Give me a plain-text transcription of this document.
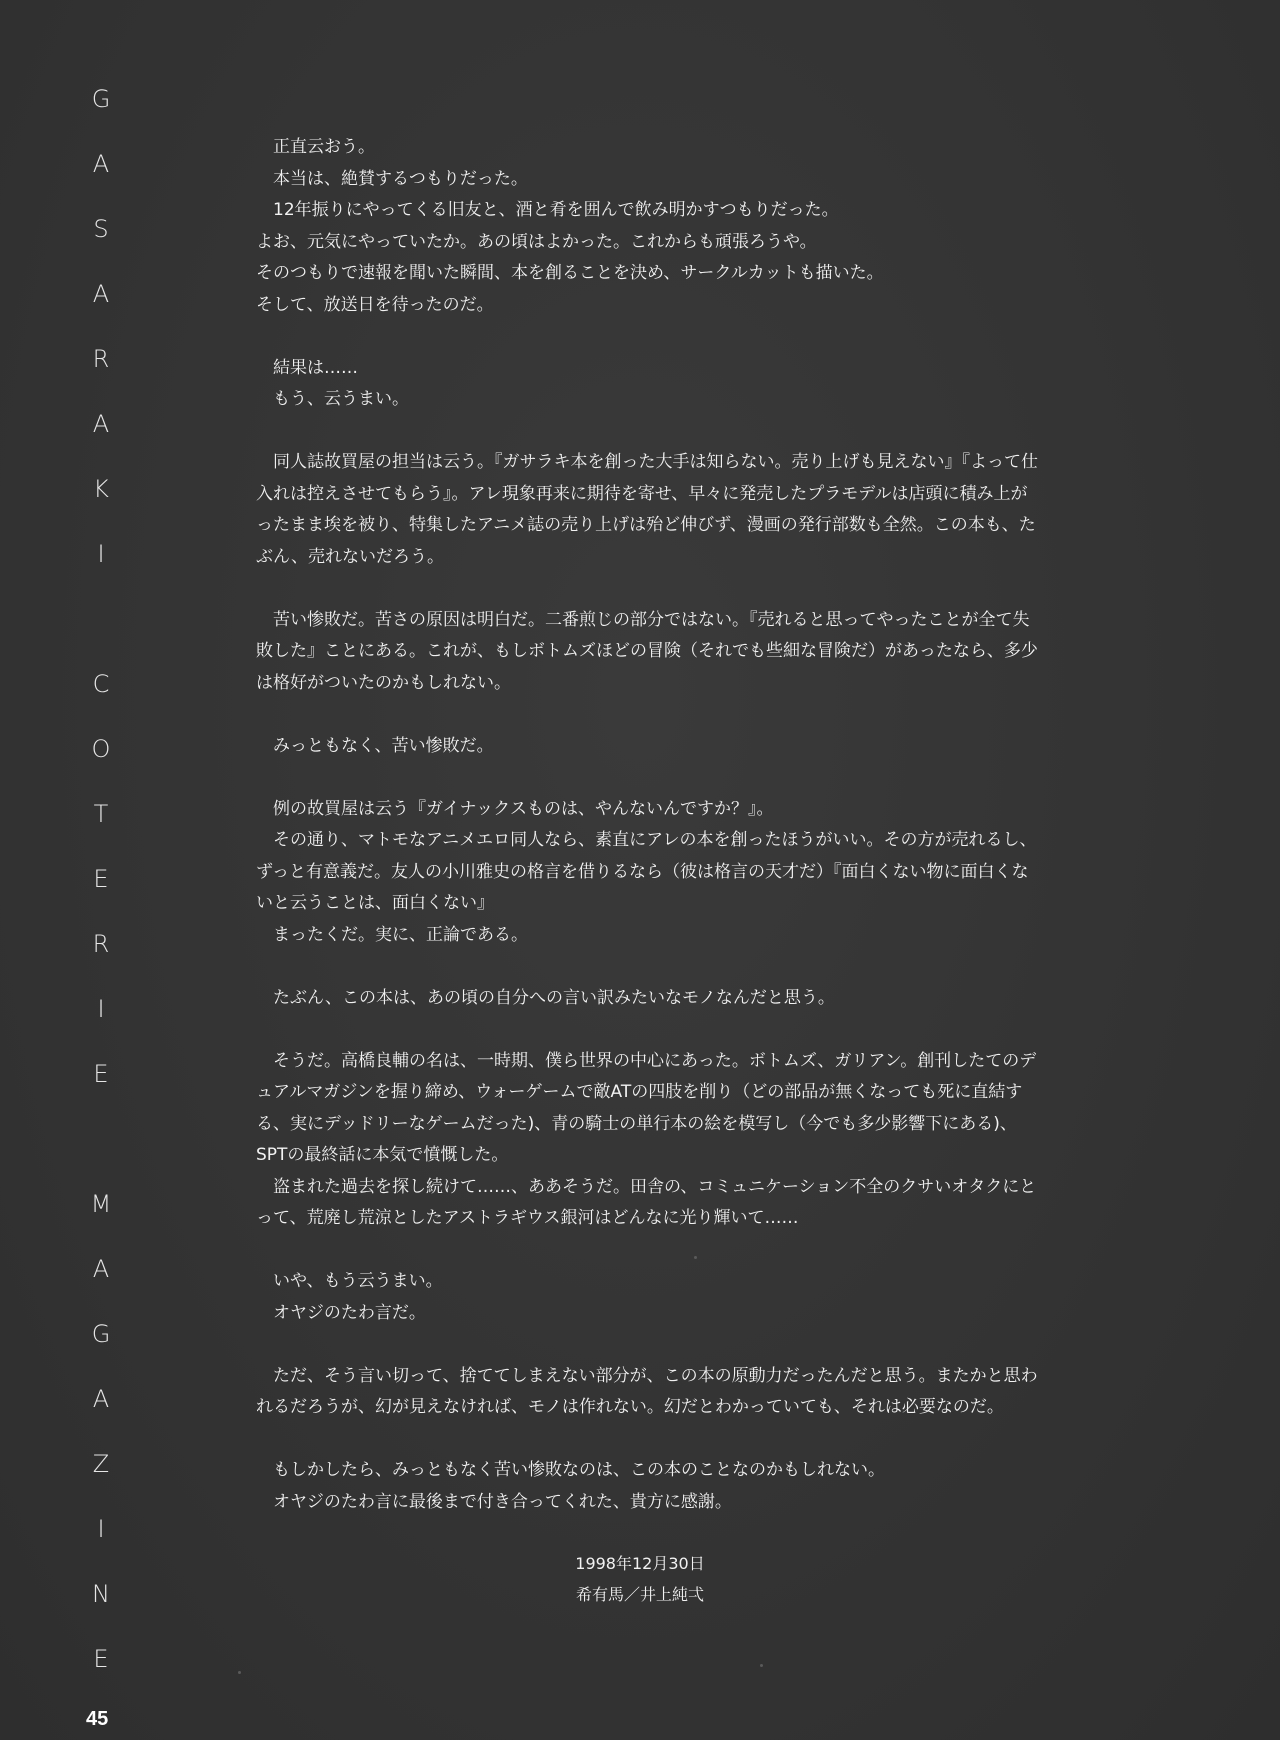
G
A
S
A
R
A
K
I
C
O
T
E
R
I
E
M
A
G
A
Z
I
N
E

　正直云おう。

　本当は、絶賛するつもりだった。

　12年振りにやってくる旧友と、酒と肴を囲んで飲み明かすつもりだった。

よお、元気にやっていたか。あの頃はよかった。これからも頑張ろうや。

そのつもりで速報を聞いた瞬間、本を創ることを決め、サークルカットも描いた。

そして、放送日を待ったのだ。

　結果は……

　もう、云うまい。

　同人誌故買屋の担当は云う。『ガサラキ本を創った大手は知らない。売り上げも見えない』『よって仕

入れは控えさせてもらう』。アレ現象再来に期待を寄せ、早々に発売したプラモデルは店頭に積み上が

ったまま埃を被り、特集したアニメ誌の売り上げは殆ど伸びず、漫画の発行部数も全然。この本も、た

ぶん、売れないだろう。

　苦い惨敗だ。苦さの原因は明白だ。二番煎じの部分ではない。『売れると思ってやったことが全て失

敗した』ことにある。これが、もしボトムズほどの冒険（それでも些細な冒険だ）があったなら、多少

は格好がついたのかもしれない。

　みっともなく、苦い惨敗だ。

　例の故買屋は云う『ガイナックスものは、やんないんですか？』。

　その通り、マトモなアニメエロ同人なら、素直にアレの本を創ったほうがいい。その方が売れるし、

ずっと有意義だ。友人の小川雅史の格言を借りるなら（彼は格言の天才だ）『面白くない物に面白くな

いと云うことは、面白くない』

　まったくだ。実に、正論である。

　たぶん、この本は、あの頃の自分への言い訳みたいなモノなんだと思う。

　そうだ。高橋良輔の名は、一時期、僕ら世界の中心にあった。ボトムズ、ガリアン。創刊したてのデ

ュアルマガジンを握り締め、ウォーゲームで敵ATの四肢を削り（どの部品が無くなっても死に直結す

る、実にデッドリーなゲームだった)、青の騎士の単行本の絵を模写し（今でも多少影響下にある)、

SPTの最終話に本気で憤慨した。

　盗まれた過去を探し続けて……、ああそうだ。田舎の、コミュニケーション不全のクサいオタクにと

って、荒廃し荒涼としたアストラギウス銀河はどんなに光り輝いて……

　いや、もう云うまい。

　オヤジのたわ言だ。

　ただ、そう言い切って、捨ててしまえない部分が、この本の原動力だったんだと思う。またかと思わ

れるだろうが、幻が見えなければ、モノは作れない。幻だとわかっていても、それは必要なのだ。

　もしかしたら、みっともなく苦い惨敗なのは、この本のことなのかもしれない。

　オヤジのたわ言に最後まで付き合ってくれた、貴方に感謝。

1998年12月30日
希有馬／井上純弌
45
